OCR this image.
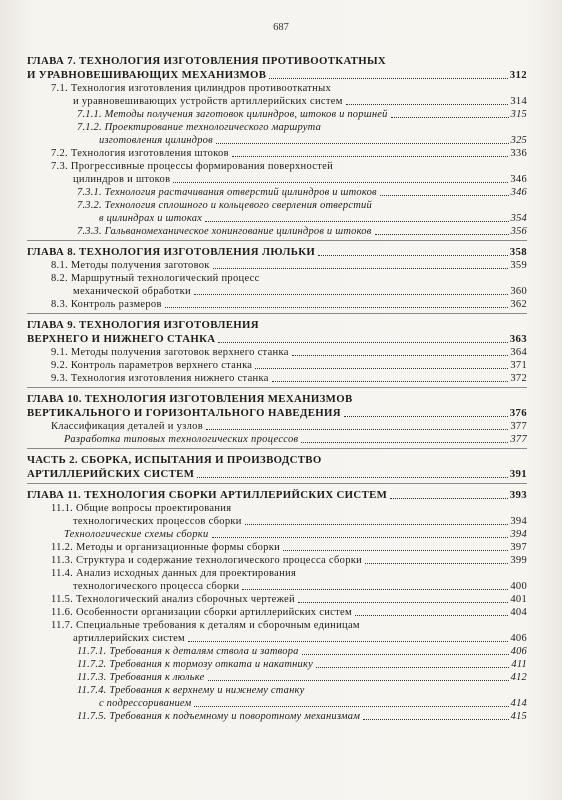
687
ГЛАВА 7. ТЕХНОЛОГИЯ ИЗГОТОВЛЕНИЯ ПРОТИВООТКАТНЫХ
И УРАВНОВЕШИВАЮЩИХ МЕХАНИЗМОВ	312
7.1. Технология изготовления цилиндров противооткатных
и уравновешивающих устройств артиллерийских систем	314
7.1.1. Методы получения заготовок цилиндров, штоков и поршней	315
7.1.2. Проектирование технологического маршрута
изготовления цилиндров	325
7.2. Технология изготовления штоков	336
7.3. Прогрессивные процессы формирования поверхностей
цилиндров и штоков	346
7.3.1. Технология растачивания отверстий цилиндров и штоков	346
7.3.2. Технология сплошного и кольцевого сверления отверстий
в цилиндрах и штоках	354
7.3.3. Гальваномеханическое хонингование цилиндров и штоков	356
ГЛАВА 8. ТЕХНОЛОГИЯ ИЗГОТОВЛЕНИЯ ЛЮЛЬКИ	358
8.1. Методы получения заготовок	359
8.2. Маршрутный технологический процесс
механической обработки	360
8.3. Контроль размеров	362
ГЛАВА 9. ТЕХНОЛОГИЯ ИЗГОТОВЛЕНИЯ
ВЕРХНЕГО И НИЖНЕГО СТАНКА	363
9.1. Методы получения заготовок верхнего станка	364
9.2. Контроль параметров верхнего станка	371
9.3. Технология изготовления нижнего станка	372
ГЛАВА 10. ТЕХНОЛОГИЯ ИЗГОТОВЛЕНИЯ МЕХАНИЗМОВ
ВЕРТИКАЛЬНОГО И ГОРИЗОНТАЛЬНОГО НАВЕДЕНИЯ	376
Классификация деталей и узлов	377
Разработка типовых технологических процессов	377
ЧАСТЬ 2. СБОРКА, ИСПЫТАНИЯ И ПРОИЗВОДСТВО
АРТИЛЛЕРИЙСКИХ СИСТЕМ	391
ГЛАВА 11. ТЕХНОЛОГИЯ СБОРКИ АРТИЛЛЕРИЙСКИХ СИСТЕМ	393
11.1. Общие вопросы проектирования
технологических процессов сборки	394
Технологические схемы сборки	394
11.2. Методы и организационные формы сборки	397
11.3. Структура и содержание технологического процесса сборки	399
11.4. Анализ исходных данных для проектирования
технологического процесса сборки	400
11.5. Технологический анализ сборочных чертежей	401
11.6. Особенности организации сборки артиллерийских систем	404
11.7. Специальные требования к деталям и сборочным единицам
артиллерийских систем	406
11.7.1. Требования к деталям ствола и затвора	406
11.7.2. Требования к тормозу отката и накатнику	411
11.7.3. Требования к люльке	412
11.7.4. Требования к верхнему и нижнему станку
с подрессориванием	414
11.7.5. Требования к подъемному и поворотному механизмам	415
